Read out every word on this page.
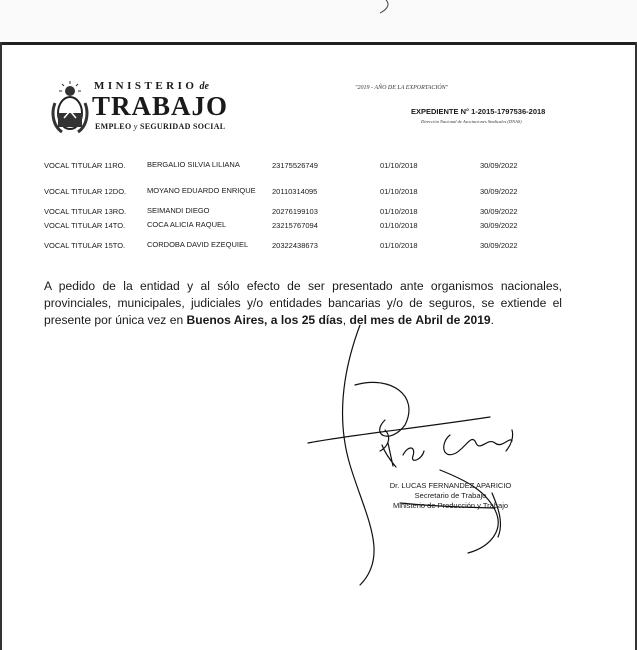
MINISTERIO de
TRABAJO
EMPLEO y SEGURIDAD SOCIAL
"2019 - AÑO DE LA EXPORTACIÓN"
EXPEDIENTE N° 1-2015-1797536-2018
Dirección Nacional de Asociaciones Sindicales (DNAS)
VOCAL TITULAR 11RO.	BERGALIO SILVIA LILIANA	23175526749	01/10/2018	30/09/2022
VOCAL TITULAR 12DO.	MOYANO EDUARDO ENRIQUE	20110314095	01/10/2018	30/09/2022
VOCAL TITULAR 13RO.	SEIMANDI DIEGO	20276199103	01/10/2018	30/09/2022
VOCAL TITULAR 14TO.	COCA ALICIA RAQUEL	23215767094	01/10/2018	30/09/2022
VOCAL TITULAR 15TO.	CORDOBA DAVID EZEQUIEL	20322438673	01/10/2018	30/09/2022
A pedido de la entidad y al sólo efecto de ser presentado ante organismos nacionales, provinciales, municipales, judiciales y/o entidades bancarias y/o de seguros, se extiende el presente por única vez en Buenos Aires, a los 25 días, del mes de Abril de 2019.
Dr. LUCAS FERNANDEZ APARICIO
Secretario de Trabajo
Ministerio de Producción y Trabajo
